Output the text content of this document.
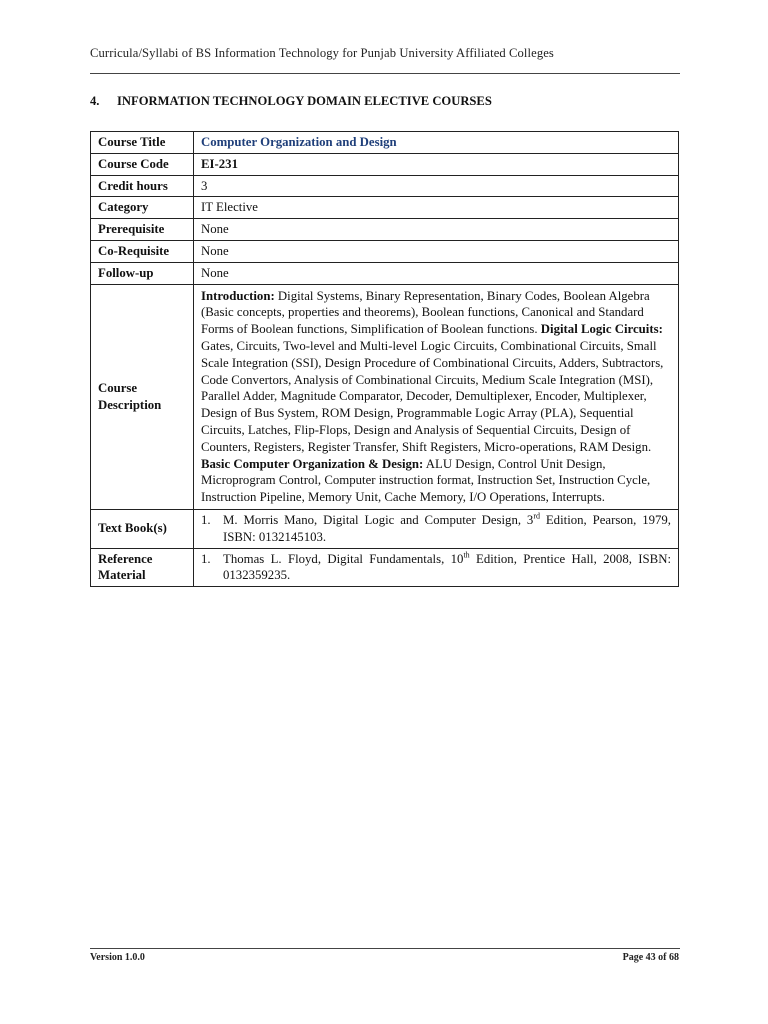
Curricula/Syllabi of BS Information Technology for Punjab University Affiliated Colleges
4. INFORMATION TECHNOLOGY DOMAIN ELECTIVE COURSES
Course Title	Computer Organization and Design
Course Code	EI-231
Credit hours	3
Category	IT Elective
Prerequisite	None
Co-Requisite	None
Follow-up	None
Course Description	Introduction: Digital Systems, Binary Representation, Binary Codes, Boolean Algebra (Basic concepts, properties and theorems), Boolean functions, Canonical and Standard Forms of Boolean functions, Simplification of Boolean functions. Digital Logic Circuits: Gates, Circuits, Two-level and Multi-level Logic Circuits, Combinational Circuits, Small Scale Integration (SSI), Design Procedure of Combinational Circuits, Adders, Subtractors, Code Convertors, Analysis of Combinational Circuits, Medium Scale Integration (MSI), Parallel Adder, Magnitude Comparator, Decoder, Demultiplexer, Encoder, Multiplexer, Design of Bus System, ROM Design, Programmable Logic Array (PLA), Sequential Circuits, Latches, Flip-Flops, Design and Analysis of Sequential Circuits, Design of Counters, Registers, Register Transfer, Shift Registers, Micro-operations, RAM Design. Basic Computer Organization & Design: ALU Design, Control Unit Design, Microprogram Control, Computer instruction format, Instruction Set, Instruction Cycle, Instruction Pipeline, Memory Unit, Cache Memory, I/O Operations, Interrupts.
Text Book(s)	1. M. Morris Mano, Digital Logic and Computer Design, 3rd Edition, Pearson, 1979, ISBN: 0132145103.

Reference Material	1. Thomas L. Floyd, Digital Fundamentals, 10th Edition, Prentice Hall, 2008, ISBN: 0132359235.
Version 1.0.0	Page 43 of 68
